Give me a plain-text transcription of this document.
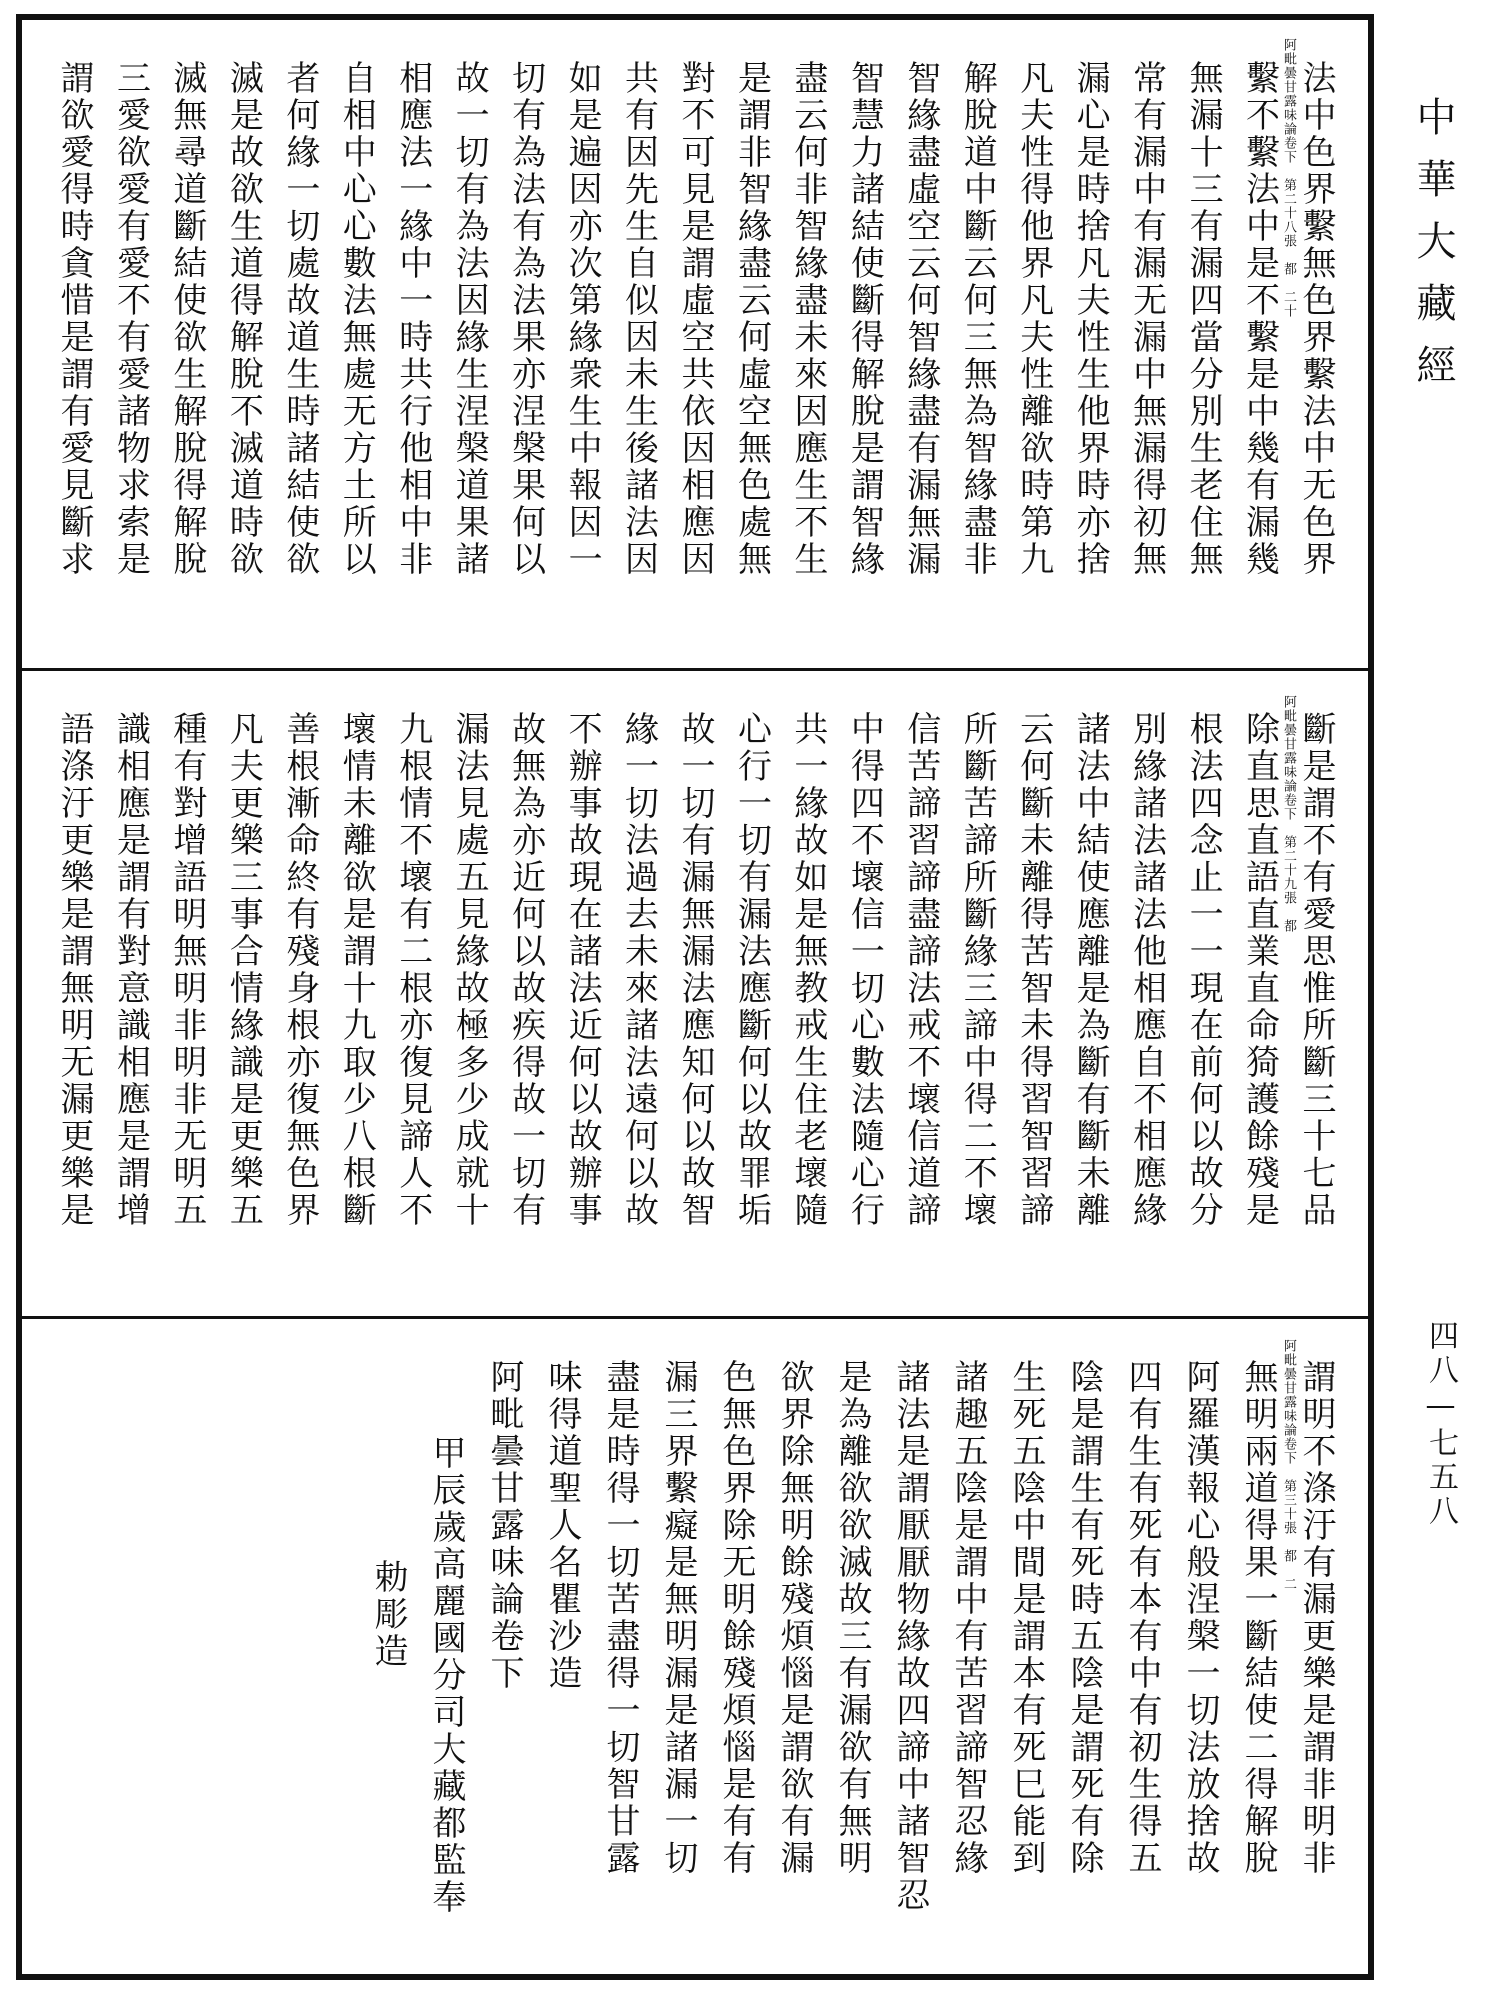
阿毗曇甘露味論卷下　第二十八張　都　二十 法中色界繫無色界繫法中无色界
繫不繫法中是不繫是中幾有漏幾
無漏十三有漏四當分別生老住無
常有漏中有漏无漏中無漏得初無
漏心是時捨凡夫性生他界時亦捨
凡夫性得他界凡夫性離欲時第九
解脫道中斷云何三無為智緣盡非
智緣盡虛空云何智緣盡有漏無漏
智慧力諸結使斷得解脫是謂智緣
盡云何非智緣盡未來因應生不生
是謂非智緣盡云何虛空無色處無
對不可見是謂虛空共依因相應因
共有因先生自似因未生後諸法因
如是遍因亦次第緣衆生中報因一
切有為法有為法果亦涅槃果何以
故一切有為法因緣生涅槃道果諸
相應法一緣中一時共行他相中非
自相中心心數法無處无方土所以
者何緣一切處故道生時諸結使欲
滅是故欲生道得解脫不滅道時欲
滅無尋道斷結使欲生解脫得解脫
三愛欲愛有愛不有愛諸物求索是
謂欲愛得時貪惜是謂有愛見斷求
阿毗曇甘露味論卷下　第二十九張　都 斷是謂不有愛思惟所斷三十七品
除直思直語直業直命猗護餘殘是
根法四念止一一現在前何以故分
別緣諸法諸法他相應自不相應緣
諸法中結使應離是為斷有斷未離
云何斷未離得苦智未得習智習諦
所斷苦諦所斷緣三諦中得二不壞
信苦諦習諦盡諦法戒不壞信道諦
中得四不壞信一切心數法隨心行
共一緣故如是無教戒生住老壞隨
心行一切有漏法應斷何以故罪垢
故一切有漏無漏法應知何以故智
緣一切法過去未來諸法遠何以故
不辦事故現在諸法近何以故辦事
故無為亦近何以故疾得故一切有
漏法見處五見緣故極多少成就十
九根情不壞有二根亦復見諦人不
壞情未離欲是謂十九取少八根斷
善根漸命終有殘身根亦復無色界
凡夫更樂三事合情緣識是更樂五
種有對增語明無明非明非无明五
識相應是謂有對意識相應是謂增
語涤汙更樂是謂無明无漏更樂是
阿毗曇甘露味論卷下　第三十張　都　二 謂明不涤汙有漏更樂是謂非明非
無明兩道得果一斷結使二得解脫
阿羅漢報心般涅槃一切法放捨故
四有生有死有本有中有初生得五
陰是謂生有死時五陰是謂死有除
生死五陰中間是謂本有死巳能到
諸趣五陰是謂中有苦習諦智忍緣
諸法是謂厭厭物緣故四諦中諸智忍
是為離欲欲滅故三有漏欲有無明
欲界除無明餘殘煩惱是謂欲有漏
色無色界除无明餘殘煩惱是有有
漏三界繫癡是無明漏是諸漏一切
盡是時得一切苦盡得一切智甘露
味得道聖人名瞿沙造
阿毗曇甘露味論卷下
甲辰歲高麗國分司大藏都監奉
勅彫造
中華大藏經
四八—七五八
